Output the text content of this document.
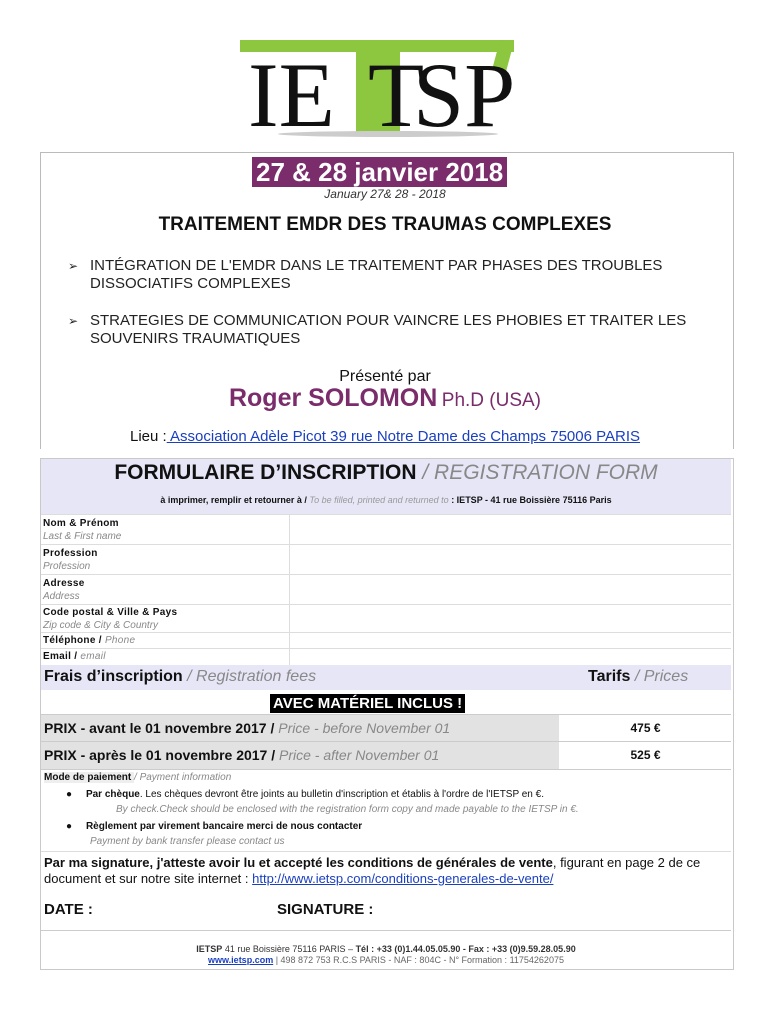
IE T
SP
27 & 28 janvier 2018
January 27& 28 - 2018
TRAITEMENT EMDR DES TRAUMAS COMPLEXES
➢ INTÉGRATION DE L'EMDR DANS LE TRAITEMENT PAR PHASES DES TROUBLES DISSOCIATIFS COMPLEXES
➢ STRATEGIES DE COMMUNICATION POUR VAINCRE LES PHOBIES ET TRAITER LES SOUVENIRS TRAUMATIQUES
Présenté par
Roger SOLOMON Ph.D (USA)
Lieu : Association Adèle Picot 39 rue Notre Dame des Champs 75006 PARIS
FORMULAIRE D’INSCRIPTION / REGISTRATION FORM
à imprimer, remplir et retourner à / To be filled, printed and returned to : IETSP - 41 rue Boissière 75116 Paris
Nom & Prénom
Last & First name
Profession
Profession
Adresse
Address
Code postal & Ville & Pays
Zip code & City & Country
Téléphone / Phone
Email / email
Frais d’inscription / Registration fees	Tarifs / Prices
AVEC MATÉRIEL INCLUS !
PRIX - avant le 01 novembre 2017 / Price - before November 01	475 €
PRIX - après le 01 novembre 2017 / Price - after November 01	525 €
Mode de paiement / Payment information
● Par chèque. Les chèques devront être joints au bulletin d'inscription et établis à l'ordre de l'IETSP en €.
By check.Check should be enclosed with the registration form copy and made payable to the IETSP in €.
● Règlement par virement bancaire merci de nous contacter
Payment by bank transfer please contact us
Par ma signature, j'atteste avoir lu et accepté les conditions de générales de vente, figurant en page 2 de ce document et sur notre site internet : http://www.ietsp.com/conditions-generales-de-vente/
DATE :	SIGNATURE :
IETSP 41 rue Boissière 75116 PARIS – Tél : +33 (0)1.44.05.05.90 - Fax : +33 (0)9.59.28.05.90
www.ietsp.com | 498 872 753 R.C.S PARIS - NAF : 804C - N° Formation : 11754262075
